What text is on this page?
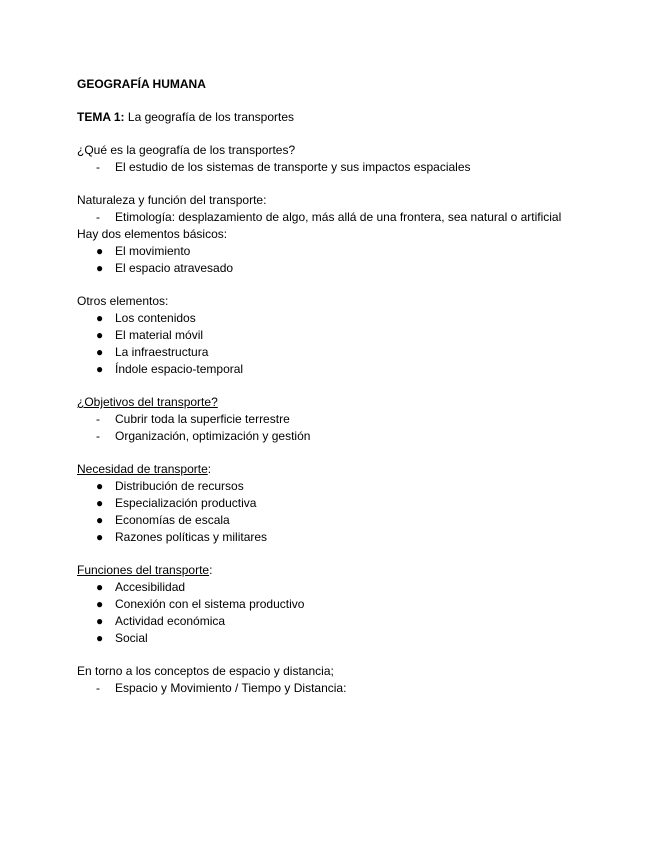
GEOGRAFÍA HUMANA
TEMA 1: La geografía de los transportes
¿Qué es la geografía de los transportes?
-	El estudio de los sistemas de transporte y sus impactos espaciales
Naturaleza y función del transporte:
-	Etimología: desplazamiento de algo, más allá de una frontera, sea natural o artificial
Hay dos elementos básicos:
● El movimiento
● El espacio atravesado
Otros elementos:
● Los contenidos
● El material móvil
● La infraestructura
● Índole espacio-temporal
¿Objetivos del transporte?
-	Cubrir toda la superficie terrestre
-	Organización, optimización y gestión
Necesidad de transporte:
● Distribución de recursos
● Especialización productiva
● Economías de escala
● Razones políticas y militares
Funciones del transporte:
● Accesibilidad
● Conexión con el sistema productivo
● Actividad económica
● Social
En torno a los conceptos de espacio y distancia;
-	Espacio y Movimiento / Tiempo y Distancia:
